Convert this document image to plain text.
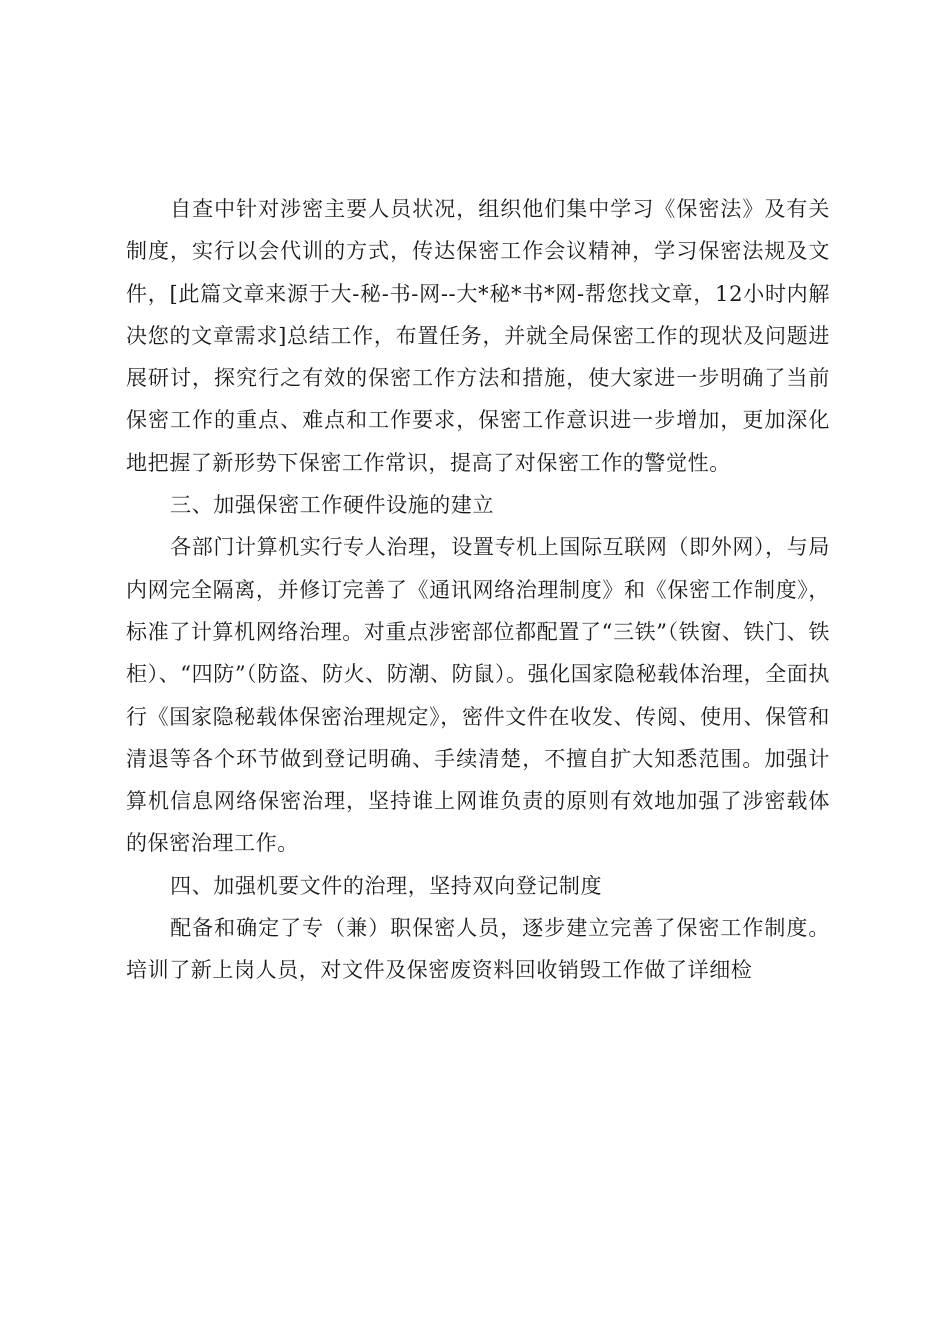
自查中针对涉密主要人员状况，组织他们集中学习《保密法》及有关制度，实行以会代训的方式，传达保密工作会议精神，学习保密法规及文件，[此篇文章来源于大-秘-书-网--大*秘*书*网-帮您找文章，12小时内解决您的文章需求]总结工作，布置任务，并就全局保密工作的现状及问题进展研讨，探究行之有效的保密工作方法和措施，使大家进一步明确了当前保密工作的重点、难点和工作要求，保密工作意识进一步增加，更加深化地把握了新形势下保密工作常识，提高了对保密工作的警觉性。

三、加强保密工作硬件设施的建立

各部门计算机实行专人治理，设置专机上国际互联网（即外网），与局内网完全隔离，并修订完善了《通讯网络治理制度》和《保密工作制度》，标准了计算机网络治理。对重点涉密部位都配置了“三铁”（铁窗、铁门、铁柜）、“四防”（防盗、防火、防潮、防鼠）。强化国家隐秘载体治理，全面执行《国家隐秘载体保密治理规定》，密件文件在收发、传阅、使用、保管和清退等各个环节做到登记明确、手续清楚，不擅自扩大知悉范围。加强计算机信息网络保密治理，坚持谁上网谁负责的原则有效地加强了涉密载体的保密治理工作。

四、加强机要文件的治理，坚持双向登记制度

配备和确定了专（兼）职保密人员，逐步建立完善了保密工作制度。培训了新上岗人员，对文件及保密废资料回收销毁工作做了详细检
